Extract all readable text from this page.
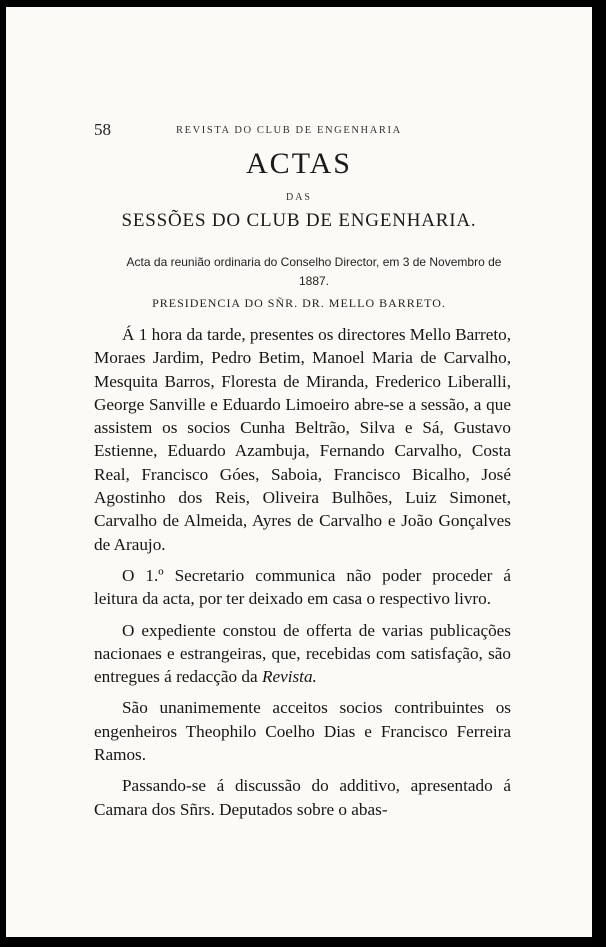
58	REVISTA DO CLUB DE ENGENHARIA
ACTAS
DAS
SESSÕES DO CLUB DE ENGENHARIA.
Acta da reunião ordinaria do Conselho Director, em 3 de Novembro de 1887.
PRESIDENCIA DO SÑR. DR. MELLO BARRETO.

Á 1 hora da tarde, presentes os directores Mello Barreto, Moraes Jardim, Pedro Betim, Manoel Maria de Carvalho, Mesquita Barros, Floresta de Miranda, Frederico Liberalli, George Sanville e Eduardo Limoeiro abre-se a sessão, a que assistem os socios Cunha Beltrão, Silva e Sá, Gustavo Estienne, Eduardo Azambuja, Fernando Carvalho, Costa Real, Francisco Góes, Saboia, Francisco Bicalho, José Agostinho dos Reis, Oliveira Bulhões, Luiz Simonet, Carvalho de Almeida, Ayres de Carvalho e João Gonçalves de Araujo.

O 1.º Secretario communica não poder proceder á leitura da acta, por ter deixado em casa o respectivo livro.

O expediente constou de offerta de varias publicações nacionaes e estrangeiras, que, recebidas com satisfação, são entregues á redacção da Revista.

São unanimemente acceitos socios contribuintes os engenheiros Theophilo Coelho Dias e Francisco Ferreira Ramos.

Passando-se á discussão do additivo, apresentado á Camara dos Sñrs. Deputados sobre o abas-
